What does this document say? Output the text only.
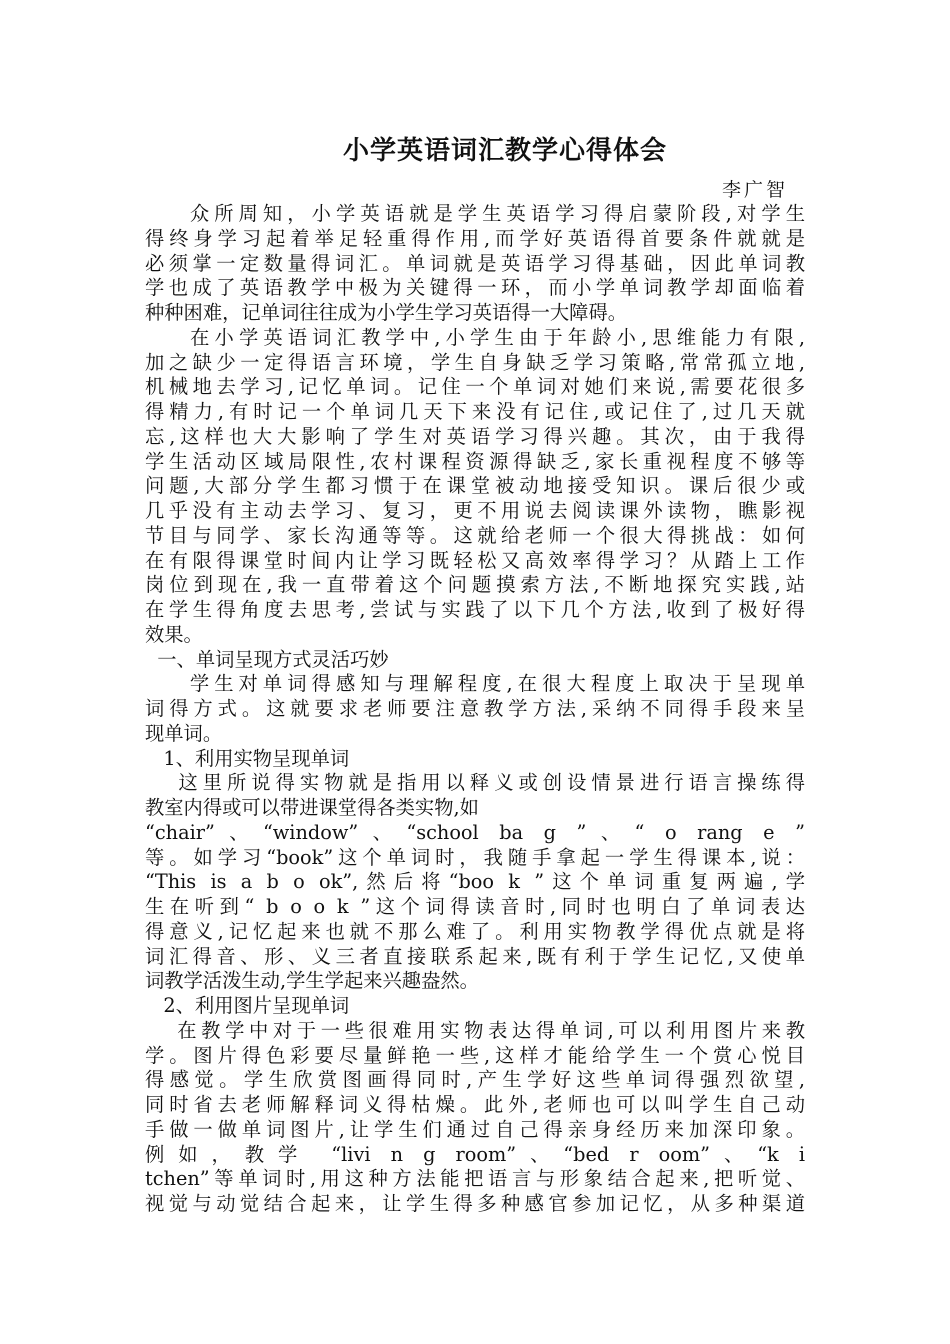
小学英语词汇教学心得体会
李广智
众所周知，小学英语就是学生英语学习得启蒙阶段,对学生
得终身学习起着举足轻重得作用,而学好英语得首要条件就就是
必须掌一定数量得词汇。单词就是英语学习得基础，因此单词教
学也成了英语教学中极为关键得一环，而小学单词教学却面临着
种种困难，记单词往往成为小学生学习英语得一大障碍。
在小学英语词汇教学中,小学生由于年龄小,思维能力有限,
加之缺少一定得语言环境，学生自身缺乏学习策略,常常孤立地,
机械地去学习,记忆单词。记住一个单词对她们来说,需要花很多
得精力,有时记一个单词几天下来没有记住,或记住了,过几天就
忘,这样也大大影响了学生对英语学习得兴趣。其次，由于我得
学生活动区域局限性,农村课程资源得缺乏,家长重视程度不够等
问题,大部分学生都习惯于在课堂被动地接受知识。课后很少或
几乎没有主动去学习、复习，更不用说去阅读课外读物，瞧影视
节目与同学、家长沟通等等。这就给老师一个很大得挑战：如何
在有限得课堂时间内让学习既轻松又高效率得学习？从踏上工作
岗位到现在,我一直带着这个问题摸索方法,不断地探究实践,站
在学生得角度去思考,尝试与实践了以下几个方法,收到了极好得
效果。
一、单词呈现方式灵活巧妙
学生对单词得感知与理解程度,在很大程度上取决于呈现单
词得方式。这就要求老师要注意教学方法,采纳不同得手段来呈
现单词。
1、利用实物呈现单词
这里所说得实物就是指用以释义或创设情景进行语言操练得
教室内得或可以带进课堂得各类实物,如
“chair”、“window”、“school ba g ”、“ o rang e ”
等。如学习“book”这个单词时，我随手拿起一学生得课本,说：
“This is a b o ok”,然后将“boo k ”这个单词重复两遍,学
生在听到“ b o o k ”这个词得读音时,同时也明白了单词表达
得意义,记忆起来也就不那么难了。利用实物教学得优点就是将
词汇得音、形、义三者直接联系起来,既有利于学生记忆,又使单
词教学活泼生动,学生学起来兴趣盎然。
2、利用图片呈现单词
在教学中对于一些很难用实物表达得单词,可以利用图片来教
学。图片得色彩要尽量鲜艳一些,这样才能给学生一个赏心悦目
得感觉。学生欣赏图画得同时,产生学好这些单词得强烈欲望,
同时省去老师解释词义得枯燥。此外,老师也可以叫学生自己动
手做一做单词图片,让学生们通过自己得亲身经历来加深印象。
例如，教学 “livi n g room”、“bed r oom”、“k i
tchen”等单词时,用这种方法能把语言与形象结合起来,把听觉、
视觉与动觉结合起来，让学生得多种感官参加记忆，从多种渠道
